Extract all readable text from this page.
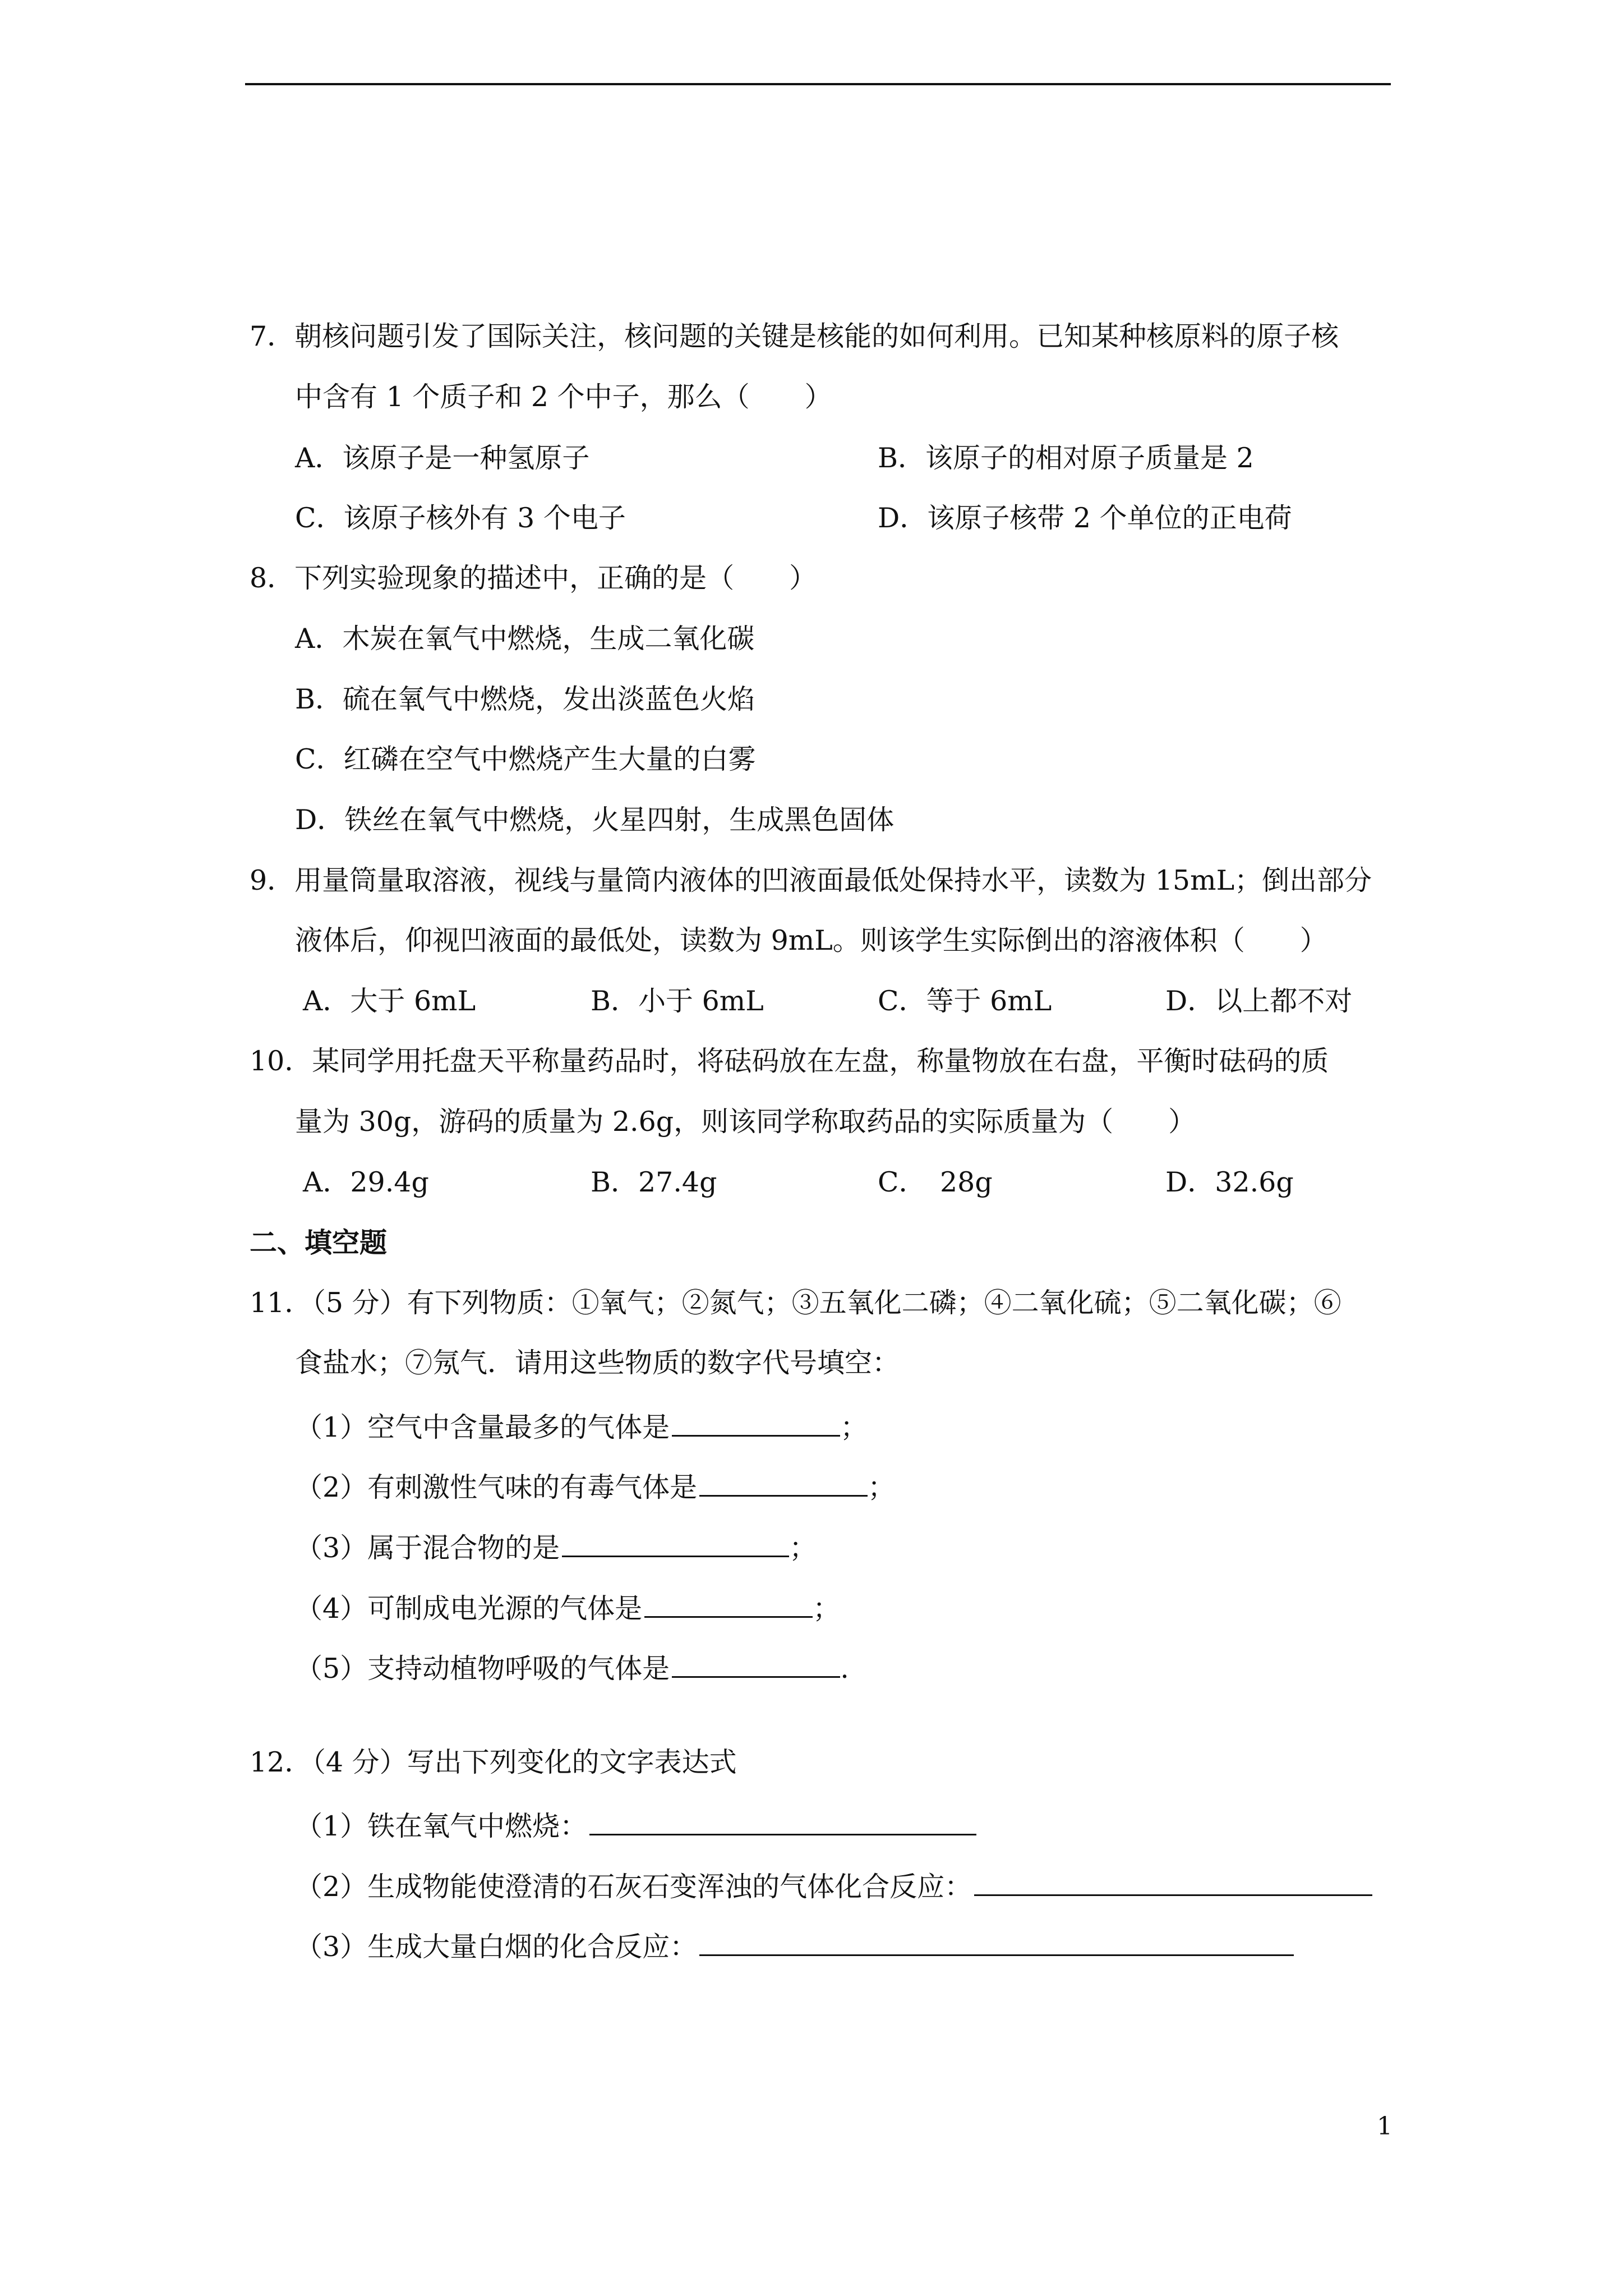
7．朝核问题引发了国际关注，核问题的关键是核能的如何利用。已知某种核原料的原子核
中含有 1 个质子和 2 个中子，那么（　　）
A．该原子是一种氢原子	B．该原子的相对原子质量是 2
C．该原子核外有 3 个电子	D．该原子核带 2 个单位的正电荷
8．下列实验现象的描述中，正确的是（　　）
A．木炭在氧气中燃烧，生成二氧化碳
B．硫在氧气中燃烧，发出淡蓝色火焰
C．红磷在空气中燃烧产生大量的白雾
D．铁丝在氧气中燃烧，火星四射，生成黑色固体
9．用量筒量取溶液，视线与量筒内液体的凹液面最低处保持水平，读数为 15mL；倒出部分
液体后，仰视凹液面的最低处，读数为 9mL。则该学生实际倒出的溶液体积（　　）
A．大于 6mL	B．小于 6mL	C．等于 6mL	D．以上都不对
10．某同学用托盘天平称量药品时，将砝码放在左盘，称量物放在右盘，平衡时砝码的质
量为 30g，游码的质量为 2.6g，则该同学称取药品的实际质量为（　　）
A．29.4g	B．27.4g	C．　28g	D．32.6g
二、填空题
11．（5 分）有下列物质：①氧气；②氮气；③五氧化二磷；④二氧化硫；⑤二氧化碳；⑥
食盐水；⑦氖气．请用这些物质的数字代号填空：
（1）空气中含量最多的气体是	；
（2）有刺激性气味的有毒气体是	；
（3）属于混合物的是	；
（4）可制成电光源的气体是	；
（5）支持动植物呼吸的气体是	.
12．（4 分）写出下列变化的文字表达式
（1）铁在氧气中燃烧：
（2）生成物能使澄清的石灰石变浑浊的气体化合反应：
（3）生成大量白烟的化合反应：
1
